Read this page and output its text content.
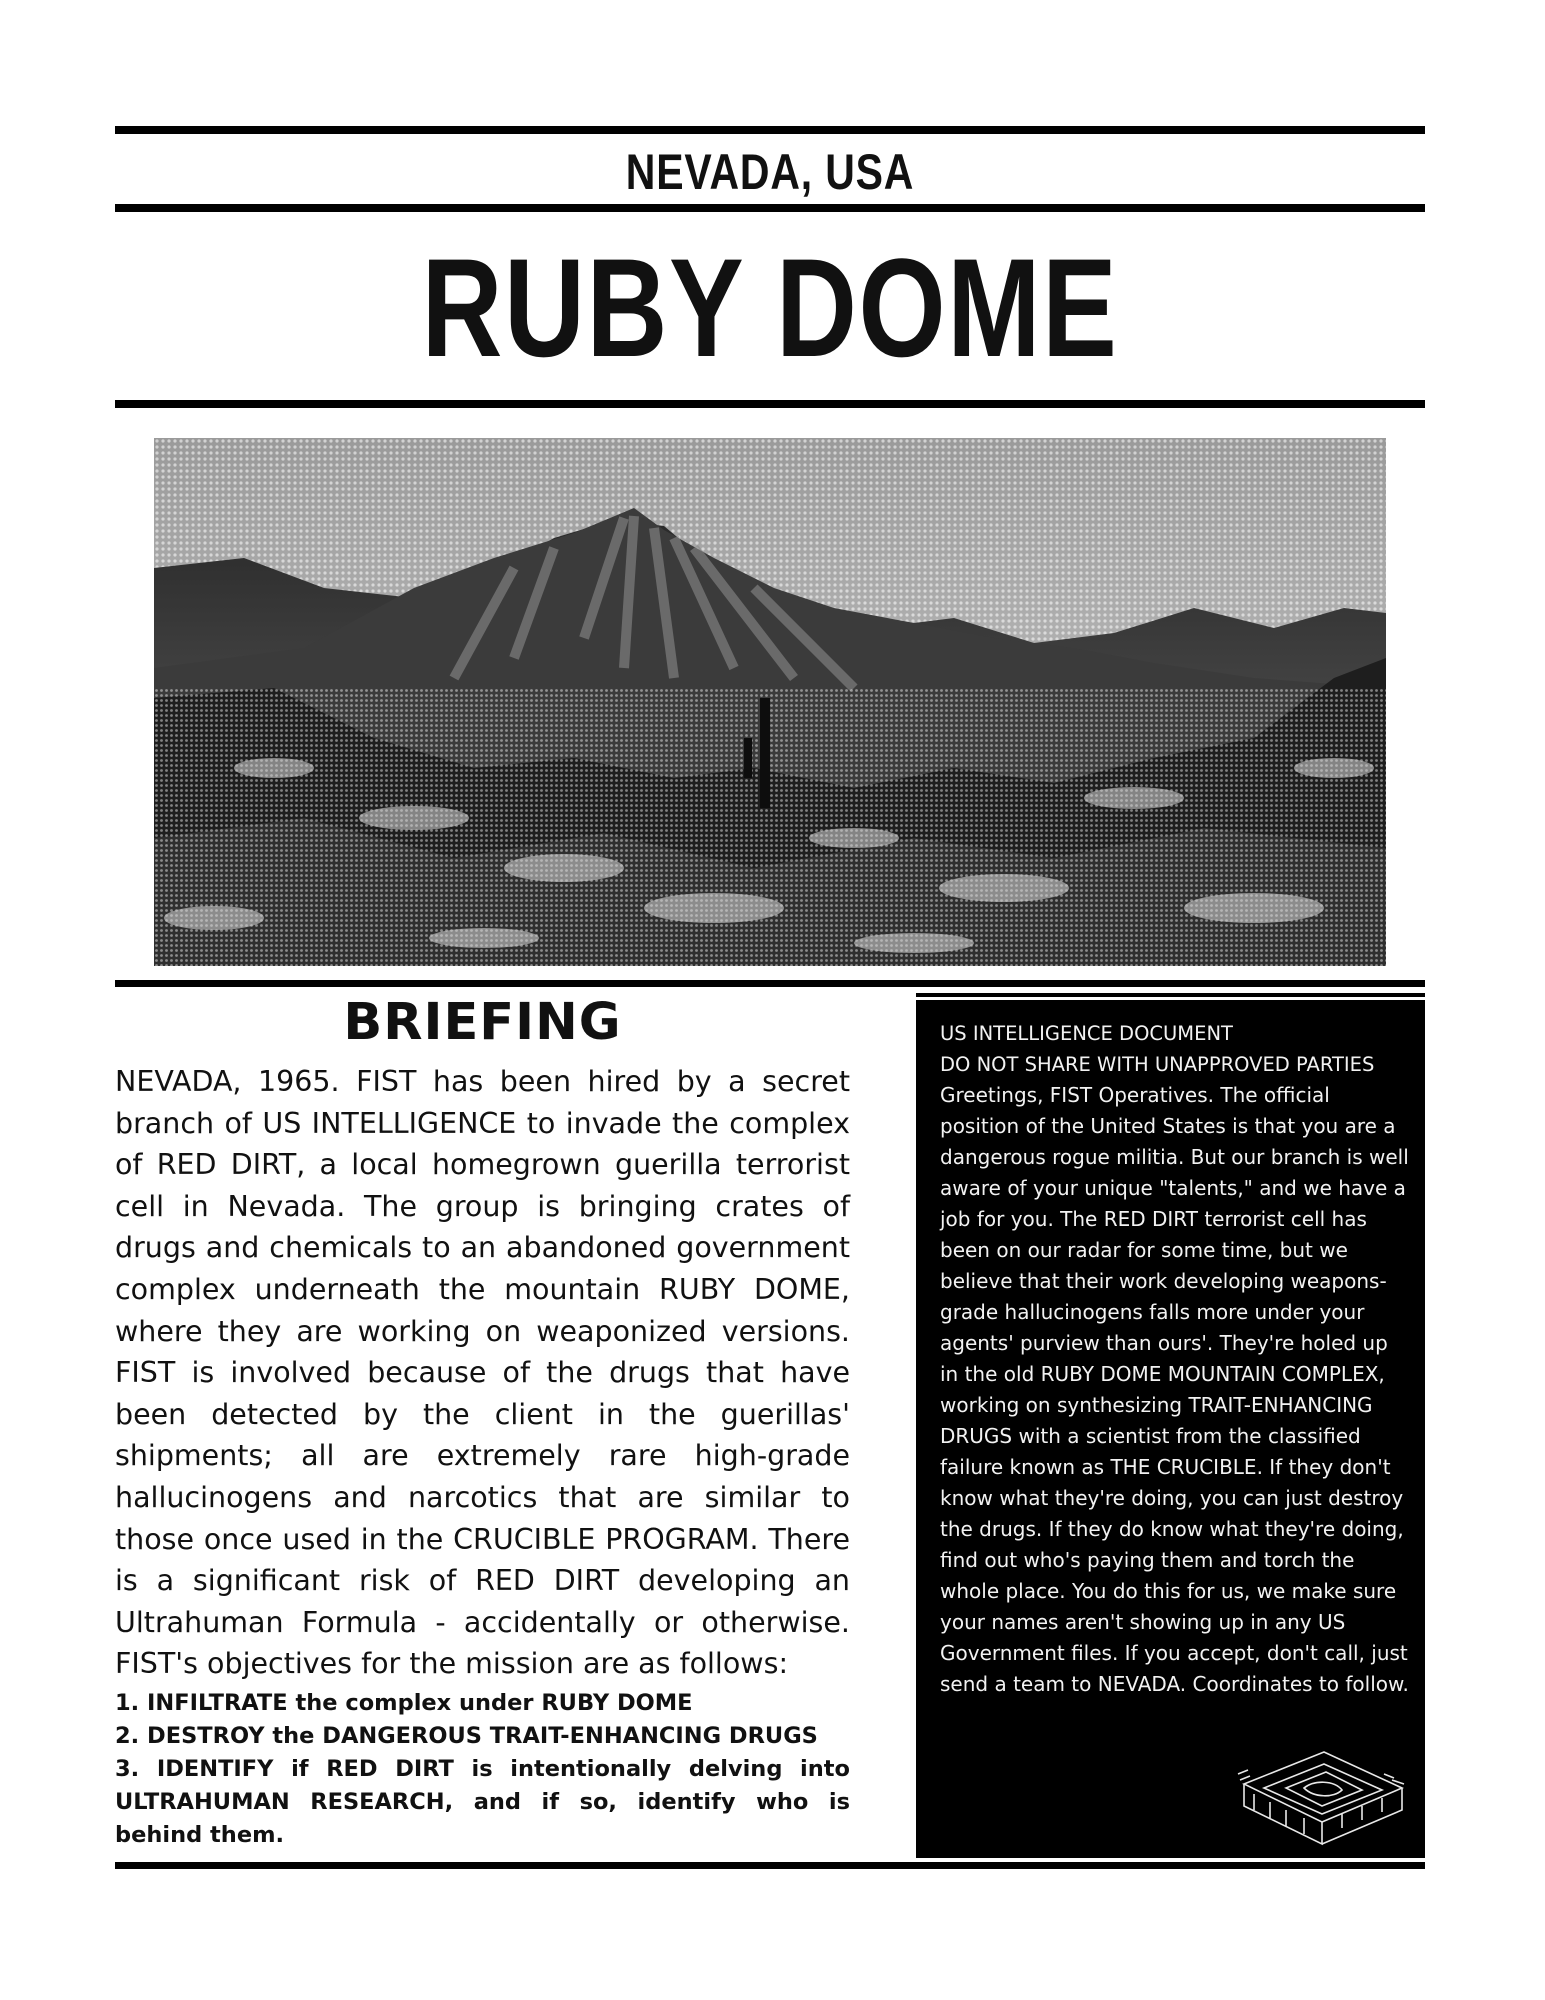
NEVADA, USA
RUBY DOME
BRIEFING

NEVADA, 1965. FIST has been hired by a secret branch of US INTELLIGENCE to invade the complex of RED DIRT, a local homegrown guerilla terrorist cell in Nevada. The group is bringing crates of drugs and chemicals to an abandoned government complex underneath the mountain RUBY DOME, where they are working on weaponized versions. FIST is involved because of the drugs that have been detected by the client in the guerillas' shipments; all are extremely rare high-grade hallucinogens and narcotics that are similar to those once used in the CRUCIBLE PROGRAM. There is a significant risk of RED DIRT developing an Ultrahuman Formula - accidentally or otherwise. FIST's objectives for the mission are as follows:

1. INFILTRATE the complex under RUBY DOME
2. DESTROY the DANGEROUS TRAIT-ENHANCING DRUGS
3. IDENTIFY if RED DIRT is intentionally delving into ULTRAHUMAN RESEARCH, and if so, identify who is behind them.
US INTELLIGENCE DOCUMENT
DO NOT SHARE WITH UNAPPROVED PARTIES
Greetings, FIST Operatives. The official position of the United States is that you are a dangerous rogue militia. But our branch is well aware of your unique "talents," and we have a job for you. The RED DIRT terrorist cell has been on our radar for some time, but we believe that their work developing weapons-grade hallucinogens falls more under your agents' purview than ours'. They're holed up in the old RUBY DOME MOUNTAIN COMPLEX, working on synthesizing TRAIT-ENHANCING DRUGS with a scientist from the classified failure known as THE CRUCIBLE. If they don't know what they're doing, you can just destroy the drugs. If they do know what they're doing, find out who's paying them and torch the whole place. You do this for us, we make sure your names aren't showing up in any US Government files. If you accept, don't call, just send a team to NEVADA. Coordinates to follow.
